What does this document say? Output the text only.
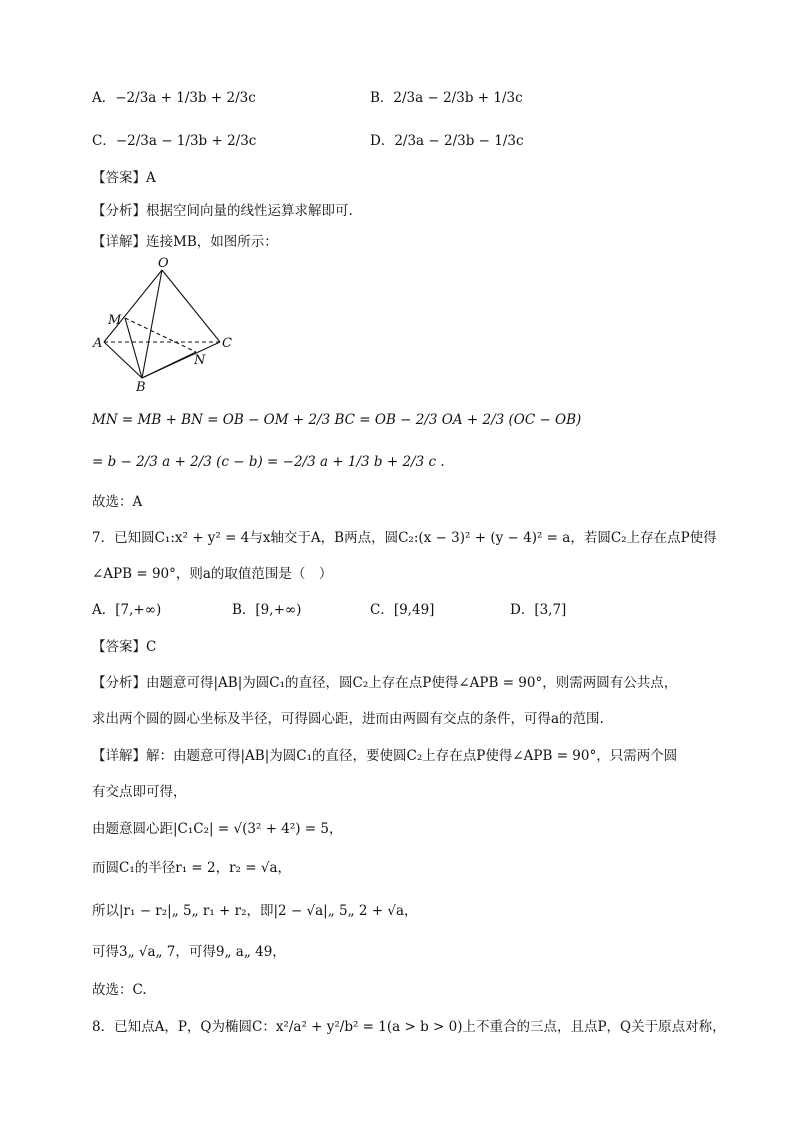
A．−2/3a + 1/3b + 2/3c	B．2/3a − 2/3b + 1/3c
C．−2/3a − 1/3b + 2/3c	D．2/3a − 2/3b − 1/3c
【答案】A
【分析】根据空间向量的线性运算求解即可.
【详解】连接MB，如图所示：
O
M
A	C
N
B
MN = MB + BN = OB − OM + 2/3 BC = OB − 2/3 OA + 2/3 (OC − OB)
= b − 2/3 a + 2/3 (c − b) = −2/3 a + 1/3 b + 2/3 c .
故选：A
7．已知圆C₁:x² + y² = 4与x轴交于A，B两点，圆C₂:(x − 3)² + (y − 4)² = a，若圆C₂上存在点P使得
∠APB = 90°，则a的取值范围是（　）
A．[7,+∞)	B．[9,+∞)	C．[9,49]	D．[3,7]
【答案】C
【分析】由题意可得|AB|为圆C₁的直径，圆C₂上存在点P使得∠APB = 90°，则需两圆有公共点，
求出两个圆的圆心坐标及半径，可得圆心距，进而由两圆有交点的条件，可得a的范围.
【详解】解：由题意可得|AB|为圆C₁的直径，要使圆C₂上存在点P使得∠APB = 90°，只需两个圆
有交点即可得，
由题意圆心距|C₁C₂| = √(3² + 4²) = 5，
而圆C₁的半径r₁ = 2，r₂ = √a，
所以|r₁ − r₂|„ 5„ r₁ + r₂，即|2 − √a|„ 5„ 2 + √a，
可得3„ √a„ 7，可得9„ a„ 49，
故选：C.
8．已知点A，P，Q为椭圆C：x²/a² + y²/b² = 1(a > b > 0)上不重合的三点，且点P，Q关于原点对称，
